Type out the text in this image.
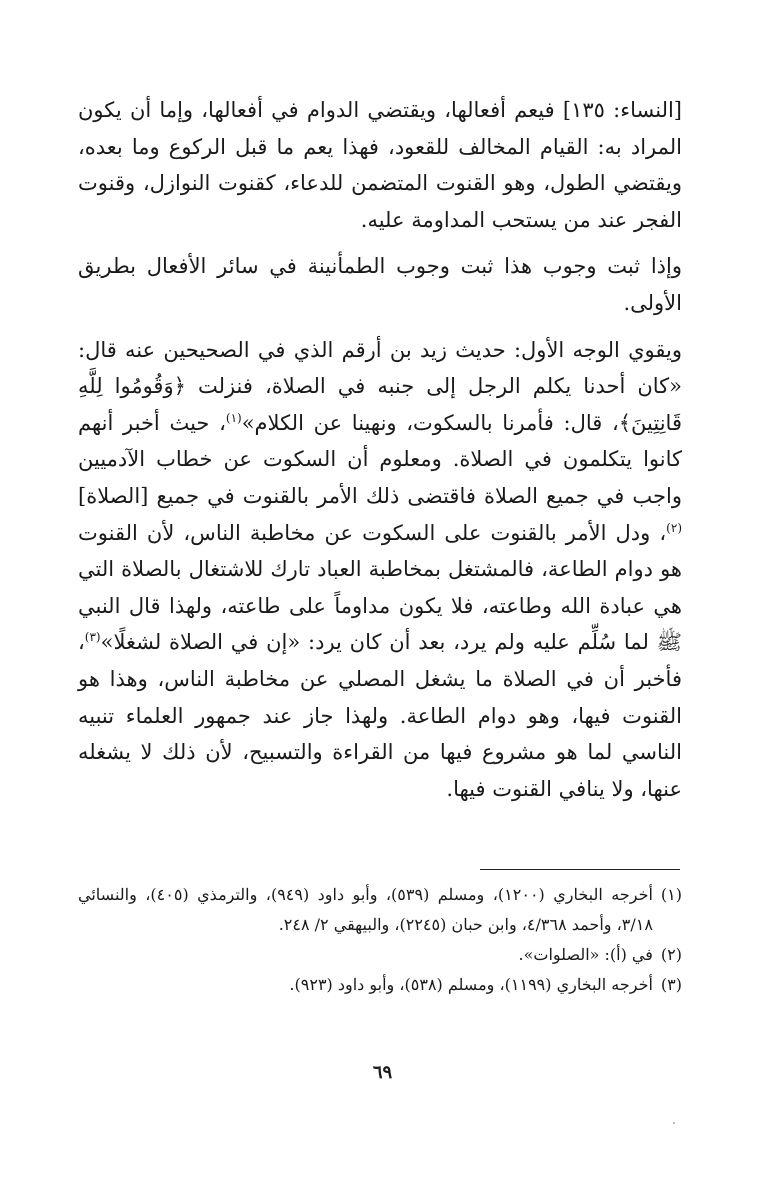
[النساء: ١٣٥] فيعم أفعالها، ويقتضي الدوام في أفعالها، وإما أن يكون المراد به: القيام المخالف للقعود، فهذا يعم ما قبل الركوع وما بعده، ويقتضي الطول، وهو القنوت المتضمن للدعاء، كقنوت النوازل، وقنوت الفجر عند من يستحب المداومة عليه.

وإذا ثبت وجوب هذا ثبت وجوب الطمأنينة في سائر الأفعال بطريق الأولى.

ويقوي الوجه الأول: حديث زيد بن أرقم الذي في الصحيحين عنه قال: «كان أحدنا يكلم الرجل إلى جنبه في الصلاة، فنزلت ﴿وَقُومُوا لِلَّهِ قَانِتِينَ﴾، قال: فأمرنا بالسكوت، ونهينا عن الكلام»$^{(١)}$، حيث أخبر أنهم كانوا يتكلمون في الصلاة. ومعلوم أن السكوت عن خطاب الآدميين واجب في جميع الصلاة فاقتضى ذلك الأمر بالقنوت في جميع [الصلاة]$^{(٢)}$، ودل الأمر بالقنوت على السكوت عن مخاطبة الناس، لأن القنوت هو دوام الطاعة، فالمشتغل بمخاطبة العباد تارك للاشتغال بالصلاة التي هي عبادة الله وطاعته، فلا يكون مداوماً على طاعته، ولهذا قال النبي ﷺ لما سُلِّم عليه ولم يرد، بعد أن كان يرد: «إن في الصلاة لشغلًا»$^{(٣)}$، فأخبر أن في الصلاة ما يشغل المصلي عن مخاطبة الناس، وهذا هو القنوت فيها، وهو دوام الطاعة. ولهذا جاز عند جمهور العلماء تنبيه الناسي لما هو مشروع فيها من القراءة والتسبيح، لأن ذلك لا يشغله عنها، ولا ينافي القنوت فيها.

(١)
أخرجه البخاري (١٢٠٠)، ومسلم (٥٣٩)، وأبو داود (٩٤٩)، والترمذي (٤٠٥)، والنسائي ٣/١٨، وأحمد ٤/٣٦٨، وابن حبان (٢٢٤٥)، والبيهقي ٢/ ٢٤٨.
(٢)
في (أ): «الصلوات».
(٣)
أخرجه البخاري (١١٩٩)، ومسلم (٥٣٨)، وأبو داود (٩٢٣).
٦٩
